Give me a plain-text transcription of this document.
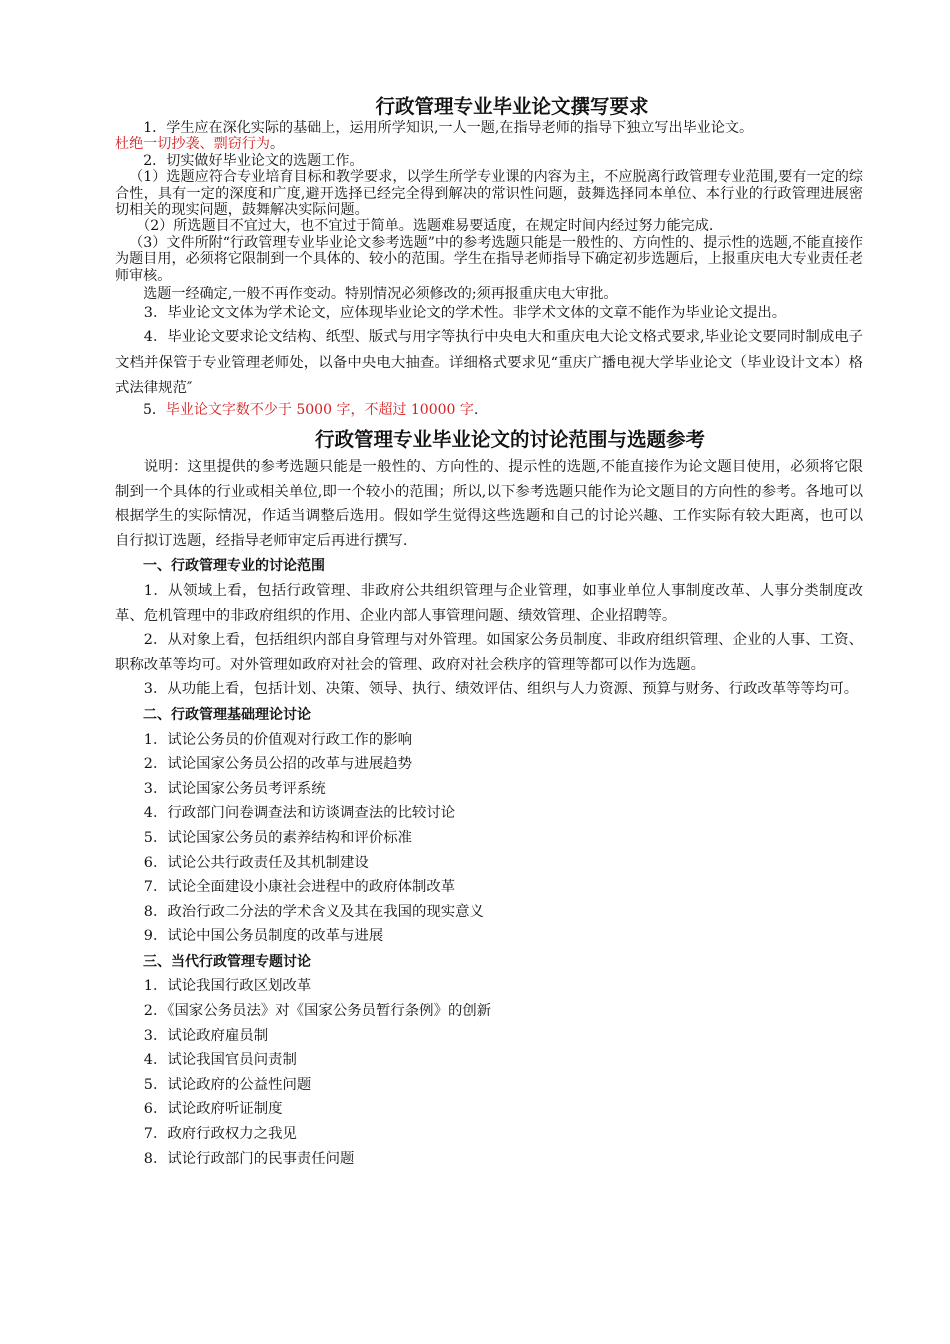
行政管理专业毕业论文撰写要求

1．学生应在深化实际的基础上，运用所学知识,一人一题,在指导老师的指导下独立写出毕业论文。

杜绝一切抄袭、剽窃行为。

2．切实做好毕业论文的选题工作。

（1）选题应符合专业培育目标和教学要求，以学生所学专业课的内容为主，不应脱离行政管理专业范围,要有一定的综合性，具有一定的深度和广度,避开选择已经完全得到解决的常识性问题，鼓舞选择同本单位、本行业的行政管理进展密切相关的现实问题，鼓舞解决实际问题。

（2）所选题目不宜过大，也不宜过于简单。选题难易要适度，在规定时间内经过努力能完成.

（3）文件所附“行政管理专业毕业论文参考选题”中的参考选题只能是一般性的、方向性的、提示性的选题,不能直接作为题目用，必须将它限制到一个具体的、较小的范围。学生在指导老师指导下确定初步选题后，上报重庆电大专业责任老师审核。

选题一经确定,一般不再作变动。特别情况必须修改的;须再报重庆电大审批。

3．毕业论文文体为学术论文，应体现毕业论文的学术性。非学术文体的文章不能作为毕业论文提出。

4．毕业论文要求论文结构、纸型、版式与用字等执行中央电大和重庆电大论文格式要求,毕业论文要同时制成电子文档并保管于专业管理老师处，以备中央电大抽查。详细格式要求见“重庆广播电视大学毕业论文（毕业设计文本）格式法律规范″

5．毕业论文字数不少于 5000 字，不超过 10000 字.

行政管理专业毕业论文的讨论范围与选题参考

说明：这里提供的参考选题只能是一般性的、方向性的、提示性的选题,不能直接作为论文题目使用，必须将它限制到一个具体的行业或相关单位,即一个较小的范围；所以,以下参考选题只能作为论文题目的方向性的参考。各地可以根据学生的实际情况，作适当调整后选用。假如学生觉得这些选题和自己的讨论兴趣、工作实际有较大距离，也可以自行拟订选题，经指导老师审定后再进行撰写.

一、行政管理专业的讨论范围

1．从领域上看，包括行政管理、非政府公共组织管理与企业管理，如事业单位人事制度改革、人事分类制度改革、危机管理中的非政府组织的作用、企业内部人事管理问题、绩效管理、企业招聘等。

2．从对象上看，包括组织内部自身管理与对外管理。如国家公务员制度、非政府组织管理、企业的人事、工资、职称改革等均可。对外管理如政府对社会的管理、政府对社会秩序的管理等都可以作为选题。

3．从功能上看，包括计划、决策、领导、执行、绩效评估、组织与人力资源、预算与财务、行政改革等等均可。

二、行政管理基础理论讨论

1．试论公务员的价值观对行政工作的影响

2．试论国家公务员公招的改革与进展趋势

3．试论国家公务员考评系统

4．行政部门问卷调查法和访谈调查法的比较讨论

5．试论国家公务员的素养结构和评价标准

6．试论公共行政责任及其机制建设

7．试论全面建设小康社会进程中的政府体制改革

8．政治行政二分法的学术含义及其在我国的现实意义

9．试论中国公务员制度的改革与进展

三、当代行政管理专题讨论

1．试论我国行政区划改革

2．《国家公务员法》对《国家公务员暂行条例》的创新

3．试论政府雇员制

4．试论我国官员问责制

5．试论政府的公益性问题

6．试论政府听证制度

7．政府行政权力之我见

8．试论行政部门的民事责任问题
